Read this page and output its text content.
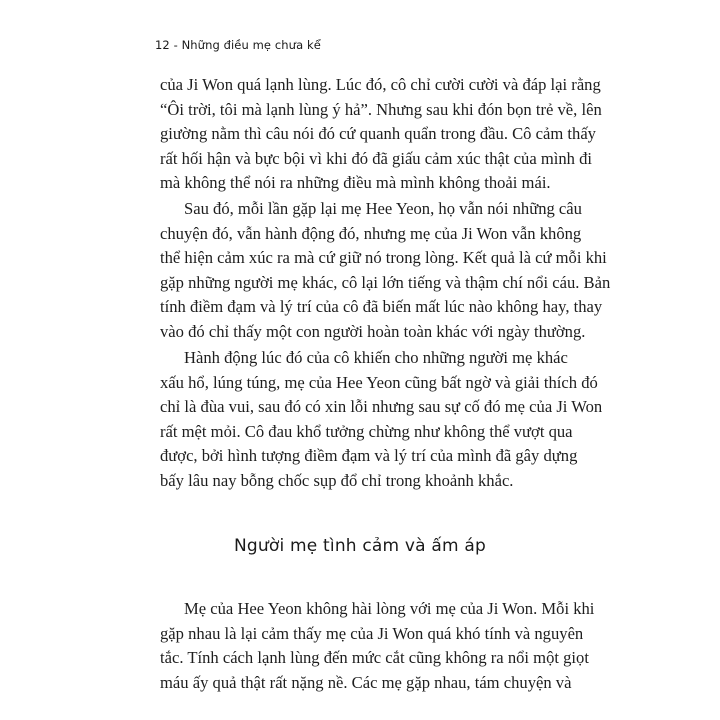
12 - Những điều mẹ chưa kể
của Ji Won quá lạnh lùng. Lúc đó, cô chỉ cười cười và đáp lại rằng
“Ôi trời, tôi mà lạnh lùng ý hả”. Nhưng sau khi đón bọn trẻ về, lên
giường nằm thì câu nói đó cứ quanh quẩn trong đầu. Cô cảm thấy
rất hối hận và bực bội vì khi đó đã giấu cảm xúc thật của mình đi
mà không thể nói ra những điều mà mình không thoải mái.
Sau đó, mỗi lần gặp lại mẹ Hee Yeon, họ vẫn nói những câu
chuyện đó, vẫn hành động đó, nhưng mẹ của Ji Won vẫn không
thể hiện cảm xúc ra mà cứ giữ nó trong lòng. Kết quả là cứ mỗi khi
gặp những người mẹ khác, cô lại lớn tiếng và thậm chí nổi cáu. Bản
tính điềm đạm và lý trí của cô đã biến mất lúc nào không hay, thay
vào đó chỉ thấy một con người hoàn toàn khác với ngày thường.
Hành động lúc đó của cô khiến cho những người mẹ khác
xấu hổ, lúng túng, mẹ của Hee Yeon cũng bất ngờ và giải thích đó
chỉ là đùa vui, sau đó có xin lỗi nhưng sau sự cố đó mẹ của Ji Won
rất mệt mỏi. Cô đau khổ tưởng chừng như không thể vượt qua
được, bởi hình tượng điềm đạm và lý trí của mình đã gây dựng
bấy lâu nay bỗng chốc sụp đổ chỉ trong khoảnh khắc.
Người mẹ tình cảm và ấm áp
Mẹ của Hee Yeon không hài lòng với mẹ của Ji Won. Mỗi khi
gặp nhau là lại cảm thấy mẹ của Ji Won quá khó tính và nguyên
tắc. Tính cách lạnh lùng đến mức cắt cũng không ra nổi một giọt
máu ấy quả thật rất nặng nề. Các mẹ gặp nhau, tám chuyện và
